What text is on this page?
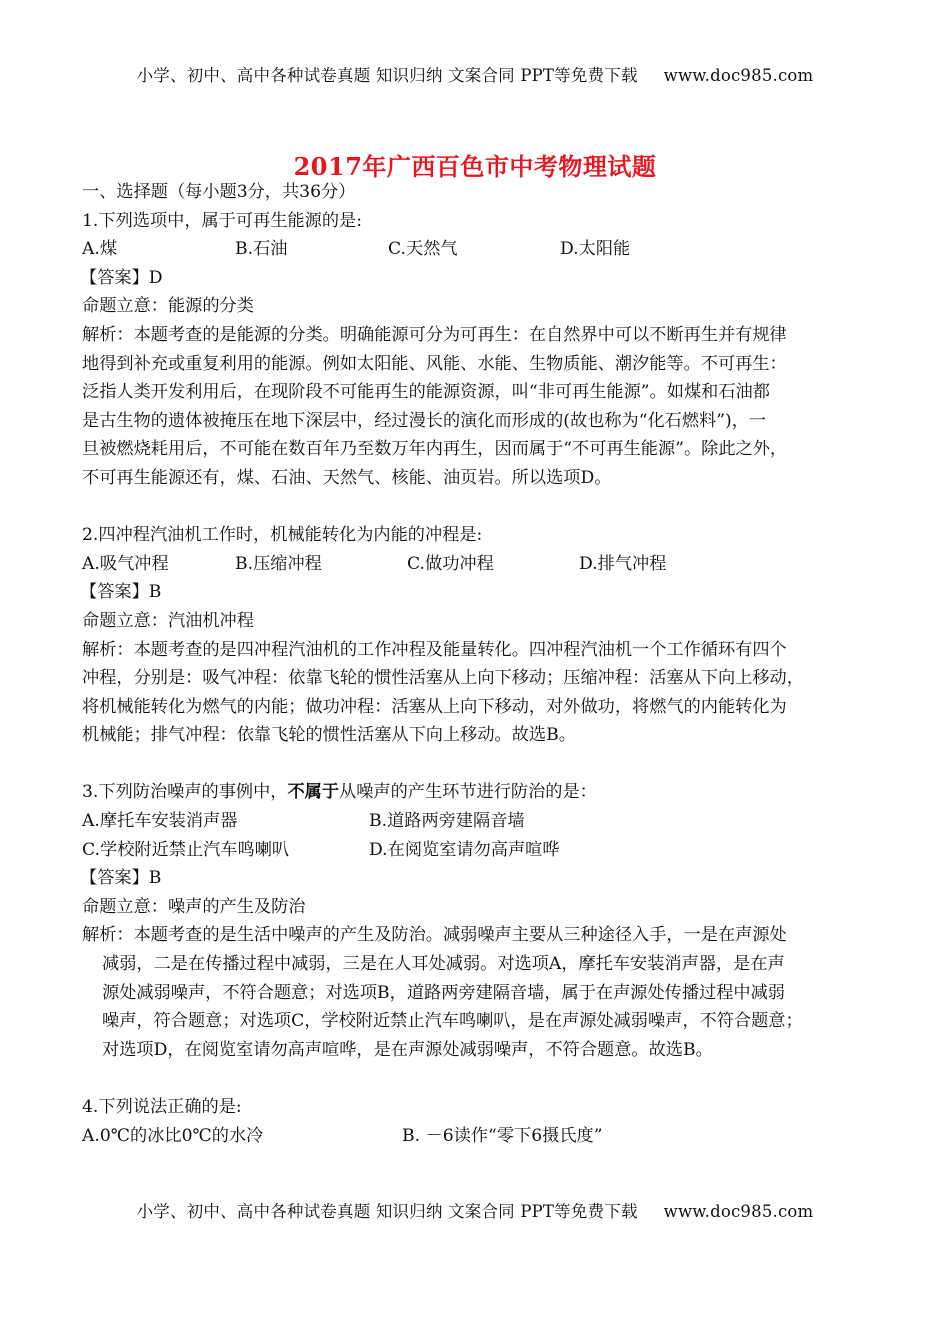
小学、初中、高中各种试卷真题 知识归纳 文案合同 PPT等免费下载 www.doc985.com
2017年广西百色市中考物理试题
一、选择题（每小题3分，共36分）
1.下列选项中，属于可再生能源的是:
A.煤	B.石油	C.天然气	D.太阳能
【答案】D
命题立意：能源的分类
解析：本题考查的是能源的分类。明确能源可分为可再生：在自然界中可以不断再生并有规律
地得到补充或重复利用的能源。例如太阳能、风能、水能、生物质能、潮汐能等。不可再生：
泛指人类开发利用后，在现阶段不可能再生的能源资源，叫“非可再生能源”。如煤和石油都
是古生物的遗体被掩压在地下深层中，经过漫长的演化而形成的(故也称为“化石燃料”)，一
旦被燃烧耗用后，不可能在数百年乃至数万年内再生，因而属于“不可再生能源”。除此之外，
不可再生能源还有，煤、石油、天然气、核能、油页岩。所以选项D。
2.四冲程汽油机工作时，机械能转化为内能的冲程是:
A.吸气冲程	B.压缩冲程	C.做功冲程	D.排气冲程
【答案】B
命题立意：汽油机冲程
解析：本题考查的是四冲程汽油机的工作冲程及能量转化。四冲程汽油机一个工作循环有四个
冲程，分别是：吸气冲程：依靠飞轮的惯性活塞从上向下移动；压缩冲程：活塞从下向上移动，
将机械能转化为燃气的内能；做功冲程：活塞从上向下移动，对外做功，将燃气的内能转化为
机械能；排气冲程：依靠飞轮的惯性活塞从下向上移动。故选B。
3.下列防治噪声的事例中，不属于从噪声的产生环节进行防治的是：
A.摩托车安装消声器	B.道路两旁建隔音墙
C.学校附近禁止汽车鸣喇叭	D.在阅览室请勿高声喧哗
【答案】B
命题立意：噪声的产生及防治
解析：本题考查的是生活中噪声的产生及防治。减弱噪声主要从三种途径入手，一是在声源处
减弱，二是在传播过程中减弱，三是在人耳处减弱。对选项A，摩托车安装消声器，是在声
源处减弱噪声，不符合题意；对选项B，道路两旁建隔音墙，属于在声源处传播过程中减弱
噪声，符合题意；对选项C，学校附近禁止汽车鸣喇叭，是在声源处减弱噪声，不符合题意；
对选项D，在阅览室请勿高声喧哗，是在声源处减弱噪声，不符合题意。故选B。
4.下列说法正确的是:
A.0℃的冰比0℃的水冷	B. －6读作“零下6摄氏度”
小学、初中、高中各种试卷真题 知识归纳 文案合同 PPT等免费下载 www.doc985.com
